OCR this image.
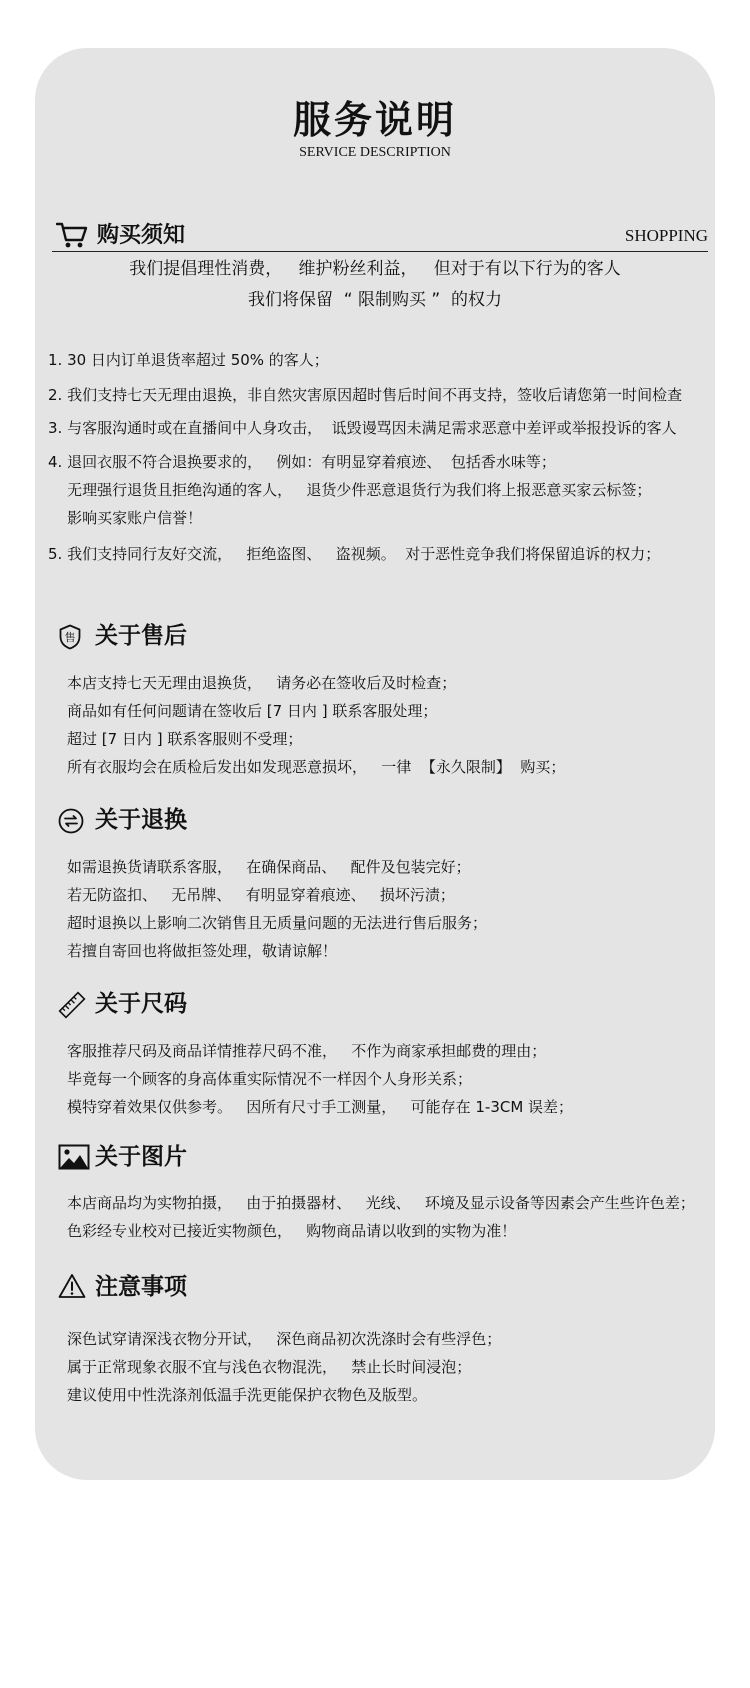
服务说明
SERVICE DESCRIPTION
购买须知	SHOPPING
我们提倡理性消费，   维护粉丝利益，   但对于有以下行为的客人
我们将保留  “ 限制购买 ”  的权力
1. 30 日内订单退货率超过 50% 的客人；
2. 我们支持七天无理由退换，非自然灾害原因超时售后时间不再支持，签收后请您第一时间检查
3. 与客服沟通时或在直播间中人身攻击，  诋毁谩骂因未满足需求恶意中差评或举报投诉的客人
4. 退回衣服不符合退换要求的，   例如：有明显穿着痕迹、  包括香水味等；
无理强行退货且拒绝沟通的客人，   退货少件恶意退货行为我们将上报恶意买家云标签；
影响买家账户信誉！
5. 我们支持同行友好交流，   拒绝盗图、   盗视频。  对于恶性竞争我们将保留追诉的权力；
售 关于售后
本店支持七天无理由退换货，   请务必在签收后及时检查；
商品如有任何问题请在签收后 [7 日内 ] 联系客服处理；
超过 [7 日内 ] 联系客服则不受理；
所有衣服均会在质检后发出如发现恶意损坏，   一律  【永久限制】  购买；
关于退换
如需退换货请联系客服，   在确保商品、   配件及包装完好；
若无防盗扣、   无吊牌、   有明显穿着痕迹、   损坏污渍；
超时退换以上影响二次销售且无质量问题的无法进行售后服务；
若擅自寄回也将做拒签处理，敬请谅解！
关于尺码
客服推荐尺码及商品详情推荐尺码不准，   不作为商家承担邮费的理由；
毕竟每一个顾客的身高体重实际情况不一样因个人身形关系；
模特穿着效果仅供参考。   因所有尺寸手工测量，   可能存在 1-3CM 误差；
关于图片
本店商品均为实物拍摄，   由于拍摄器材、   光线、   环境及显示设备等因素会产生些许色差；
色彩经专业校对已接近实物颜色，   购物商品请以收到的实物为准！
注意事项
深色试穿请深浅衣物分开试，   深色商品初次洗涤时会有些浮色；
属于正常现象衣服不宜与浅色衣物混洗，   禁止长时间浸泡；
建议使用中性洗涤剂低温手洗更能保护衣物色及版型。
